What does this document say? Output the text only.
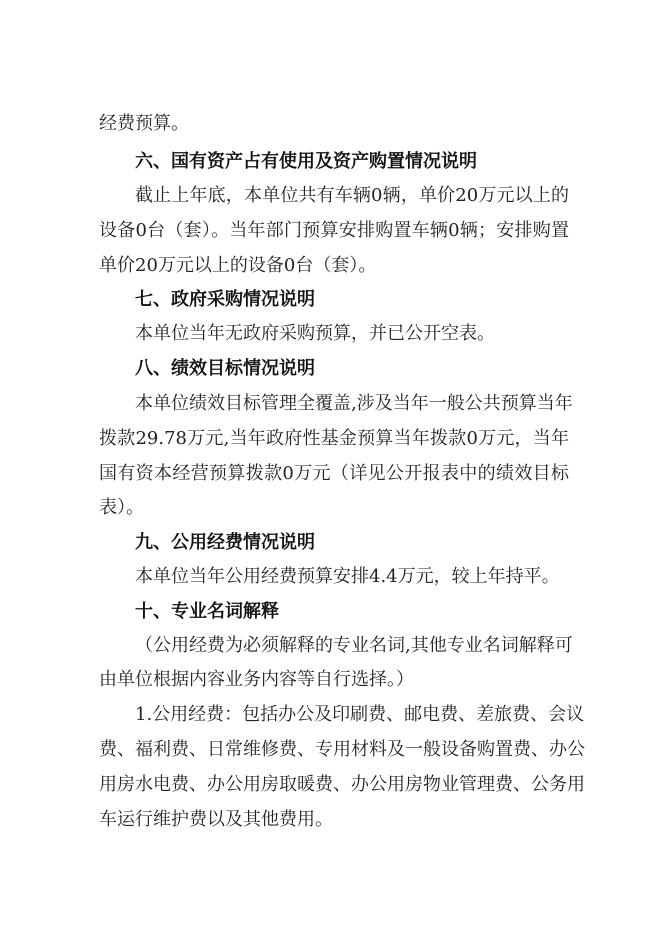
经费预算。
六、国有资产占有使用及资产购置情况说明
截止上年底，本单位共有车辆0辆，单价20万元以上的
设备0台（套）。当年部门预算安排购置车辆0辆；安排购置
单价20万元以上的设备0台（套）。
七、政府采购情况说明
本单位当年无政府采购预算，并已公开空表。
八、绩效目标情况说明
本单位绩效目标管理全覆盖,涉及当年一般公共预算当年
拨款29.78万元,当年政府性基金预算当年拨款0万元，当年
国有资本经营预算拨款0万元（详见公开报表中的绩效目标
表）。
九、公用经费情况说明
本单位当年公用经费预算安排4.4万元，较上年持平。
十、专业名词解释
（公用经费为必须解释的专业名词,其他专业名词解释可
由单位根据内容业务内容等自行选择。）
1.公用经费：包括办公及印刷费、邮电费、差旅费、会议
费、福利费、日常维修费、专用材料及一般设备购置费、办公
用房水电费、办公用房取暖费、办公用房物业管理费、公务用
车运行维护费以及其他费用。
